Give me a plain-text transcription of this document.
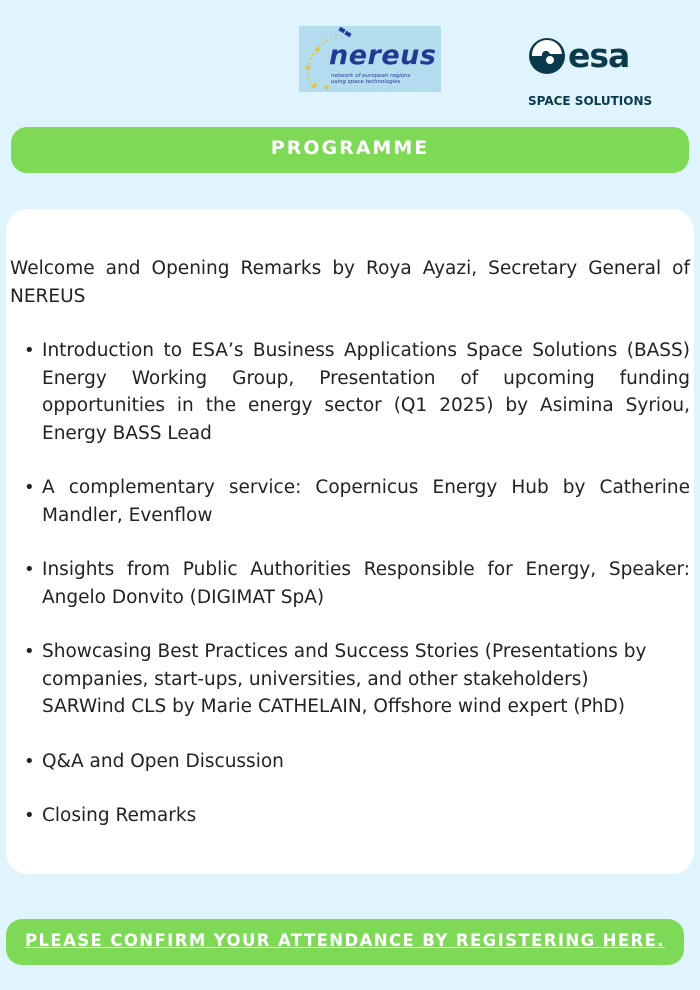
★
★
★ ★
nereus
network of european regions
using space technologies
esa
SPACE SOLUTIONS
PROGRAMME

Welcome and Opening Remarks by Roya Ayazi, Secretary General of NEREUS

• Introduction to ESA’s Business Applications Space Solutions (BASS) Energy Working Group, Presentation of upcoming funding opportunities in the energy sector (Q1 2025) by Asimina Syriou, Energy BASS Lead
• A complementary service: Copernicus Energy Hub by Catherine Mandler, Evenflow
• Insights from Public Authorities Responsible for Energy, Speaker: Angelo Donvito (DIGIMAT SpA)
• Showcasing Best Practices and Success Stories (Presentations by companies, start-ups, universities, and other stakeholders)
SARWind CLS by Marie CATHELAIN, Offshore wind expert (PhD)
• Q&A and Open Discussion
• Closing Remarks
PLEASE CONFIRM YOUR ATTENDANCE BY REGISTERING HERE.
